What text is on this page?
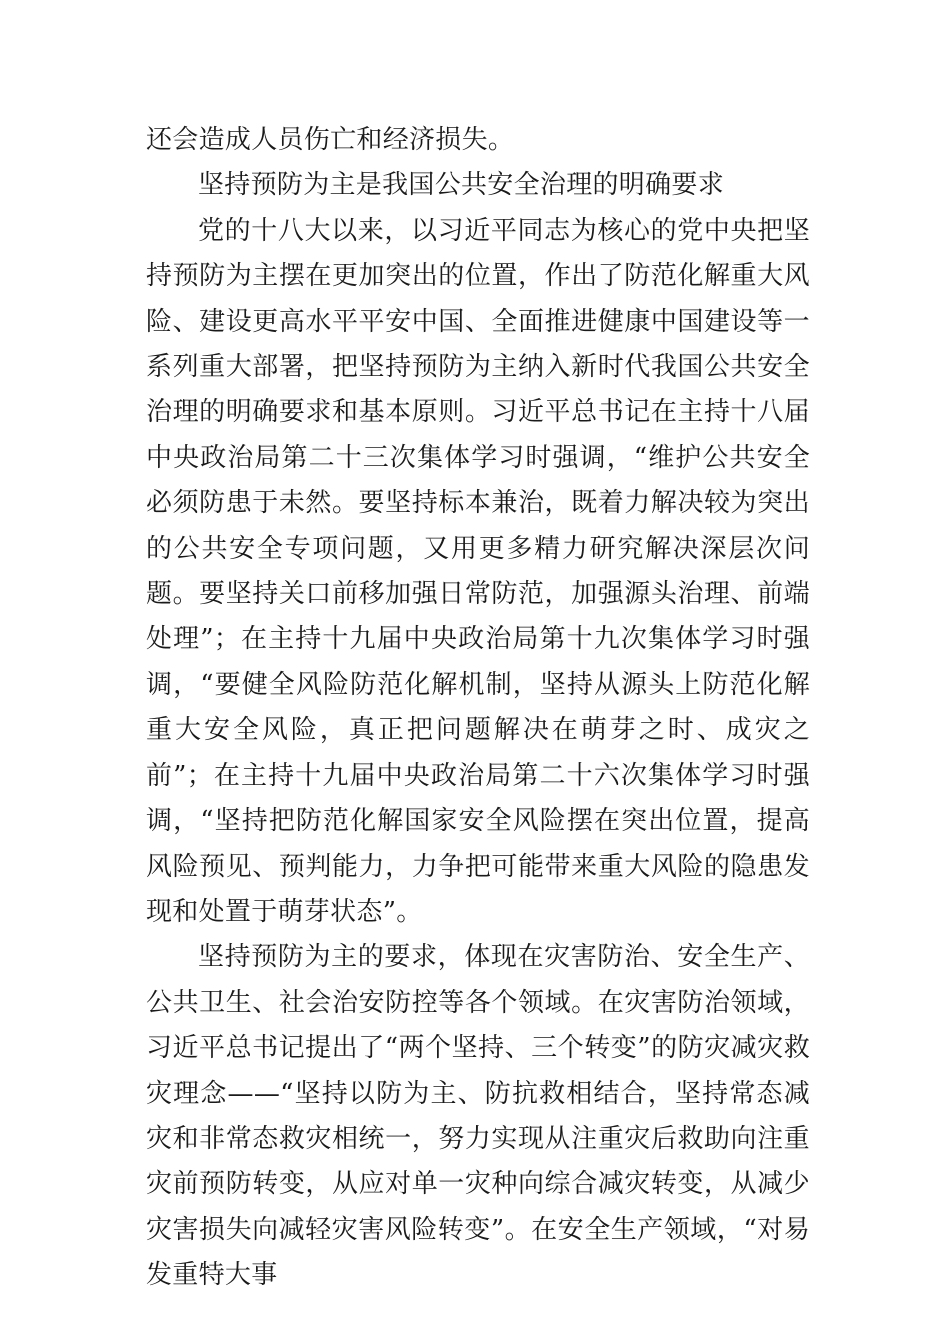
还会造成人员伤亡和经济损失。

坚持预防为主是我国公共安全治理的明确要求

党的十八大以来，以习近平同志为核心的党中央把坚持预防为主摆在更加突出的位置，作出了防范化解重大风险、建设更高水平平安中国、全面推进健康中国建设等一系列重大部署，把坚持预防为主纳入新时代我国公共安全治理的明确要求和基本原则。习近平总书记在主持十八届中央政治局第二十三次集体学习时强调，“维护公共安全必须防患于未然。要坚持标本兼治，既着力解决较为突出的公共安全专项问题，又用更多精力研究解决深层次问题。要坚持关口前移加强日常防范，加强源头治理、前端处理”；在主持十九届中央政治局第十九次集体学习时强调，“要健全风险防范化解机制，坚持从源头上防范化解重大安全风险，真正把问题解决在萌芽之时、成灾之前”；在主持十九届中央政治局第二十六次集体学习时强调，“坚持把防范化解国家安全风险摆在突出位置，提高风险预见、预判能力，力争把可能带来重大风险的隐患发现和处置于萌芽状态”。

坚持预防为主的要求，体现在灾害防治、安全生产、公共卫生、社会治安防控等各个领域。在灾害防治领域，习近平总书记提出了“两个坚持、三个转变”的防灾减灾救灾理念——“坚持以防为主、防抗救相结合，坚持常态减灾和非常态救灾相统一，努力实现从注重灾后救助向注重灾前预防转变，从应对单一灾种向综合减灾转变，从减少灾害损失向减轻灾害风险转变”。在安全生产领域，“对易发重特大事
